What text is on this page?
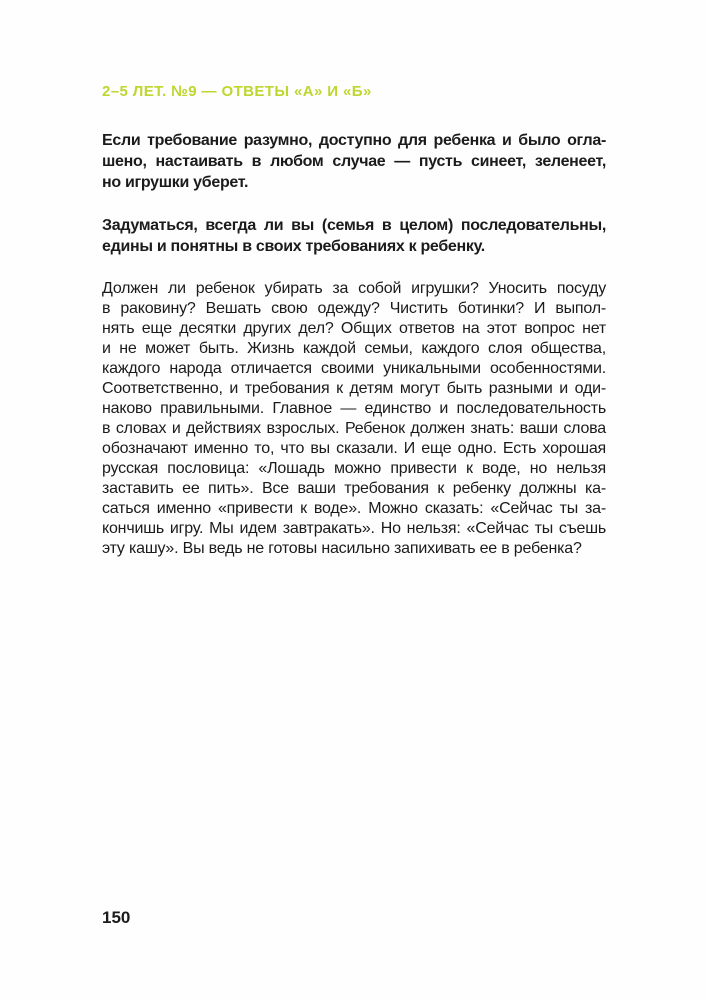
2–5 ЛЕТ. №9 — ОТВЕТЫ «А» И «Б»
Если требование разумно, доступно для ребенка и было огла-
шено, настаивать в любом случае — пусть синеет, зеленеет,
но игрушки уберет.
Задуматься, всегда ли вы (семья в целом) последовательны,
едины и понятны в своих требованиях к ребенку.
Должен ли ребенок убирать за собой игрушки? Уносить посуду
в раковину? Вешать свою одежду? Чистить ботинки? И выпол-
нять еще десятки других дел? Общих ответов на этот вопрос нет
и не может быть. Жизнь каждой семьи, каждого слоя общества,
каждого народа отличается своими уникальными особенностями.
Соответственно, и требования к детям могут быть разными и оди-
наково правильными. Главное — единство и последовательность
в словах и действиях взрослых. Ребенок должен знать: ваши слова
обозначают именно то, что вы сказали. И еще одно. Есть хорошая
русская пословица: «Лошадь можно привести к воде, но нельзя
заставить ее пить». Все ваши требования к ребенку должны ка-
саться именно «привести к воде». Можно сказать: «Сейчас ты за-
кончишь игру. Мы идем завтракать». Но нельзя: «Сейчас ты съешь
эту кашу». Вы ведь не готовы насильно запихивать ее в ребенка?
150
